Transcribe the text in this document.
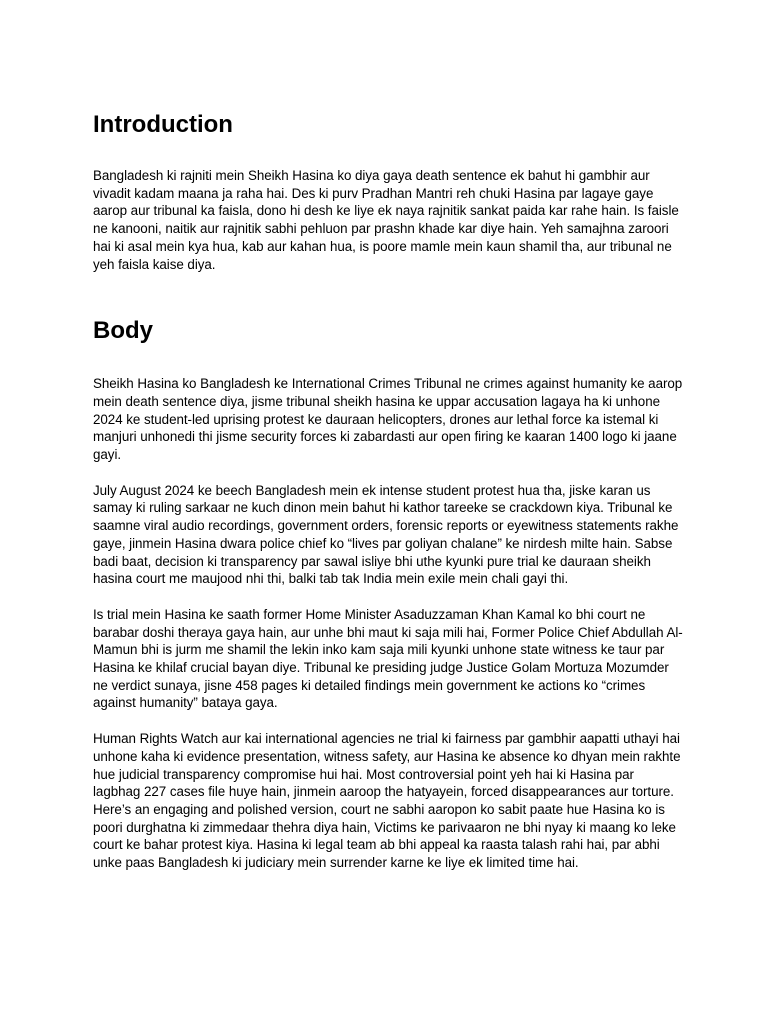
Introduction

Bangladesh ki rajniti mein Sheikh Hasina ko diya gaya death sentence ek bahut hi gambhir aur vivadit kadam maana ja raha hai. Des ki purv Pradhan Mantri reh chuki Hasina par lagaye gaye aarop aur tribunal ka faisla, dono hi desh ke liye ek naya rajnitik sankat paida kar rahe hain. Is faisle ne kanooni, naitik aur rajnitik sabhi pehluon par prashn khade kar diye hain. Yeh samajhna zaroori hai ki asal mein kya hua, kab aur kahan hua, is poore mamle mein kaun shamil tha, aur tribunal ne yeh faisla kaise diya.

Body

Sheikh Hasina ko Bangladesh ke International Crimes Tribunal ne crimes against humanity ke aarop mein death sentence diya, jisme tribunal sheikh hasina ke uppar accusation lagaya ha ki unhone 2024 ke student-led uprising protest ke dauraan helicopters, drones aur lethal force ka istemal ki manjuri unhonedi thi jisme security forces ki zabardasti aur open firing ke kaaran 1400 logo ki jaane gayi.

July August 2024 ke beech Bangladesh mein ek intense student protest hua tha, jiske karan us samay ki ruling sarkaar ne kuch dinon mein bahut hi kathor tareeke se crackdown kiya. Tribunal ke saamne viral audio recordings, government orders, forensic reports or eyewitness statements rakhe gaye, jinmein Hasina dwara police chief ko “lives par goliyan chalane” ke nirdesh milte hain. Sabse badi baat, decision ki transparency par sawal isliye bhi uthe kyunki pure trial ke dauraan sheikh hasina court me maujood nhi thi, balki tab tak India mein exile mein chali gayi thi.

Is trial mein Hasina ke saath former Home Minister Asaduzzaman Khan Kamal ko bhi court ne barabar doshi theraya gaya hain, aur unhe bhi maut ki saja mili hai, Former Police Chief Abdullah Al-Mamun bhi is jurm me shamil the lekin inko kam saja mili kyunki unhone state witness ke taur par Hasina ke khilaf crucial bayan diye. Tribunal ke presiding judge Justice Golam Mortuza Mozumder ne verdict sunaya, jisne 458 pages ki detailed findings mein government ke actions ko “crimes against humanity” bataya gaya.

Human Rights Watch aur kai international agencies ne trial ki fairness par gambhir aapatti uthayi hai unhone kaha ki evidence presentation, witness safety, aur Hasina ke absence ko dhyan mein rakhte hue judicial transparency compromise hui hai. Most controversial point yeh hai ki Hasina par lagbhag 227 cases file huye hain, jinmein aaroop the hatyayein, forced disappearances aur torture. Here’s an engaging and polished version, court ne sabhi aaropon ko sabit paate hue Hasina ko is poori durghatna ki zimmedaar thehra diya hain, Victims ke parivaaron ne bhi nyay ki maang ko leke court ke bahar protest kiya. Hasina ki legal team ab bhi appeal ka raasta talash rahi hai, par abhi unke paas Bangladesh ki judiciary mein surrender karne ke liye ek limited time hai.
